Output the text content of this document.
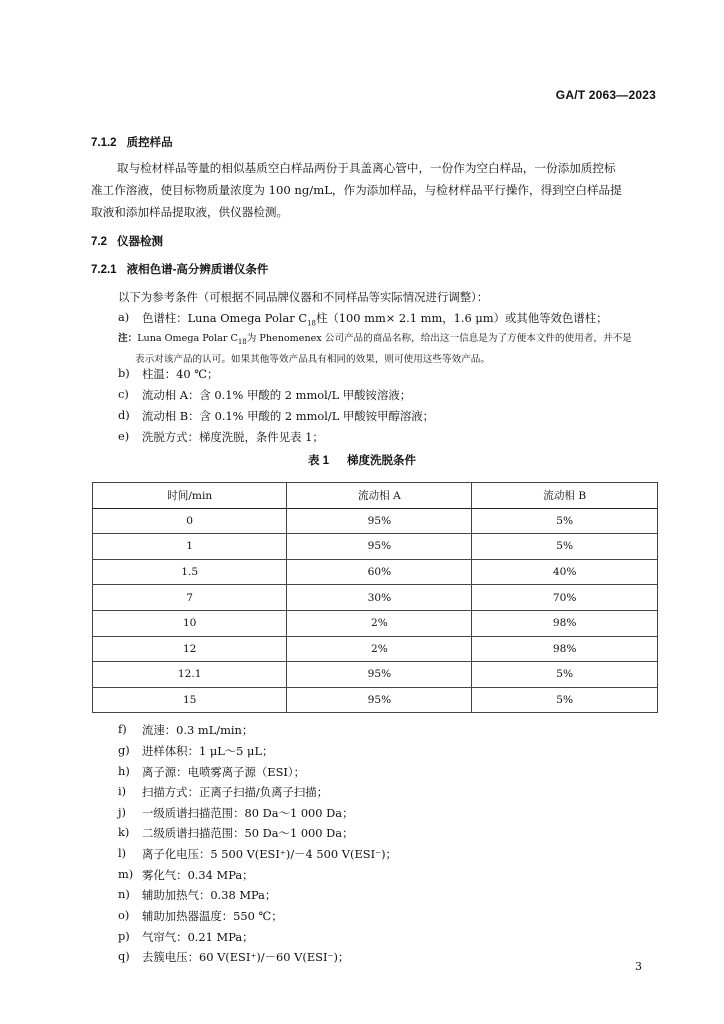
GA/T 2063—2023
7.1.2 质控样品
取与检材样品等量的相似基质空白样品两份于具盖离心管中，一份作为空白样品，一份添加质控标
准工作溶液，使目标物质量浓度为 100 ng/mL，作为添加样品，与检材样品平行操作，得到空白样品提
取液和添加样品提取液，供仪器检测。
7.2 仪器检测
7.2.1 液相色谱-高分辨质谱仪条件
以下为参考条件（可根据不同品牌仪器和不同样品等实际情况进行调整）：
a)	色谱柱：Luna Omega Polar $C_{18}$柱（100 mm× 2.1 mm，1.6 μm）或其他等效色谱柱；
注：Luna Omega Polar $C_{18}$为 Phenomenex 公司产品的商品名称，给出这一信息是为了方便本文件的使用者，并不是
表示对该产品的认可。如果其他等效产品具有相同的效果，则可使用这些等效产品。
b)	柱温：40 ℃；
c)	流动相 A：含 0.1% 甲酸的 2 mmol/L 甲酸铵溶液；
d)	流动相 B：含 0.1% 甲酸的 2 mmol/L 甲酸铵甲醇溶液；
e)	洗脱方式：梯度洗脱，条件见表 1；
表 1 梯度洗脱条件
时间/min	流动相 A	流动相 B
0	95%	5%
1	95%	5%
1.5	60%	40%
7	30%	70%
10	2%	98%
12	2%	98%
12.1	95%	5%
15	95%	5%
f)	流速：0.3 mL/min；
g)	进样体积：1 μL～5 μL；
h)	离子源：电喷雾离子源（ESI）；
i)	扫描方式：正离子扫描/负离子扫描；
j)	一级质谱扫描范围：80 Da～1 000 Da；
k)	二级质谱扫描范围：50 Da～1 000 Da；
l)	离子化电压：5 500 V(ESI⁺)/－4 500 V(ESI⁻)；
m) 雾化气：0.34 MPa；
n)	辅助加热气：0.38 MPa；
o)	辅助加热器温度：550 ℃；
p)	气帘气：0.21 MPa；
q)	去簇电压：60 V(ESI⁺)/－60 V(ESI⁻)；
3
